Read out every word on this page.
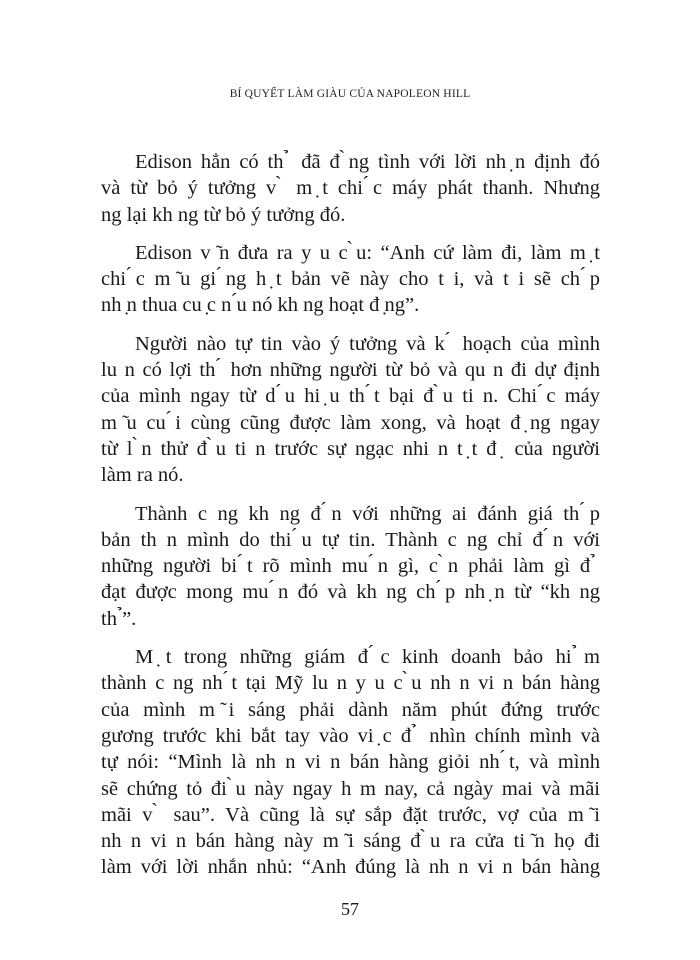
BÍ QUYẾT LÀM GIÀU CỦA NAPOLEON HILL
Edison hẳn có th ̉ đã đ ̀ng tình với lời nh ̣n định đó
và từ bỏ ý tưởng v ̀ m ̣t chi ́c máy phát thanh. Nhưng
ng lại kh ng từ bỏ ý tưởng đó.
Edison v ̃n đưa ra y u c ̀u: “Anh cứ làm đi, làm m ̣t
chi ́c m ̃u gi ́ng h ̣t bản vẽ này cho t i, và t i sẽ ch ́p
nh ̣n thua cu ̣c n ́u nó kh ng hoạt đ ̣ng”.
Người nào tự tin vào ý tưởng và k ́ hoạch của mình
lu n có lợi th ́ hơn những người từ bỏ và qu n đi dự định
của mình ngay từ d ́u hi ̣u th ́t bại đ ̀u ti n. Chi ́c máy
m ̃u cu ́i cùng cũng được làm xong, và hoạt đ ̣ng ngay
từ l ̀n thử đ ̀u ti n trước sự ngạc nhi n t ̣t đ ̣ của người
làm ra nó.
Thành c ng kh ng đ ́n với những ai đánh giá th ́p
bản th n mình do thi ́u tự tin. Thành c ng chỉ đ ́n với
những người bi ́t rõ mình mu ́n gì, c ̀n phải làm gì đ ̉
đạt được mong mu ́n đó và kh ng ch ́p nh ̣n từ “kh ng
th ̉”.
M ̣t trong những giám đ ́c kinh doanh bảo hi ̉m
thành c ng nh ́t tại Mỹ lu n y u c ̀u nh n vi n bán hàng
của mình m ̃i sáng phải dành năm phút đứng trước
gương trước khi bắt tay vào vi ̣c đ ̉ nhìn chính mình và
tự nói: “Mình là nh n vi n bán hàng giỏi nh ́t, và mình
sẽ chứng tỏ đi ̀u này ngay h m nay, cả ngày mai và mãi
mãi v ̀ sau”. Và cũng là sự sắp đặt trước, vợ của m ̃i
nh n vi n bán hàng này m ̃i sáng đ ̀u ra cửa ti ̃n họ đi
làm với lời nhắn nhủ: “Anh đúng là nh n vi n bán hàng
57
